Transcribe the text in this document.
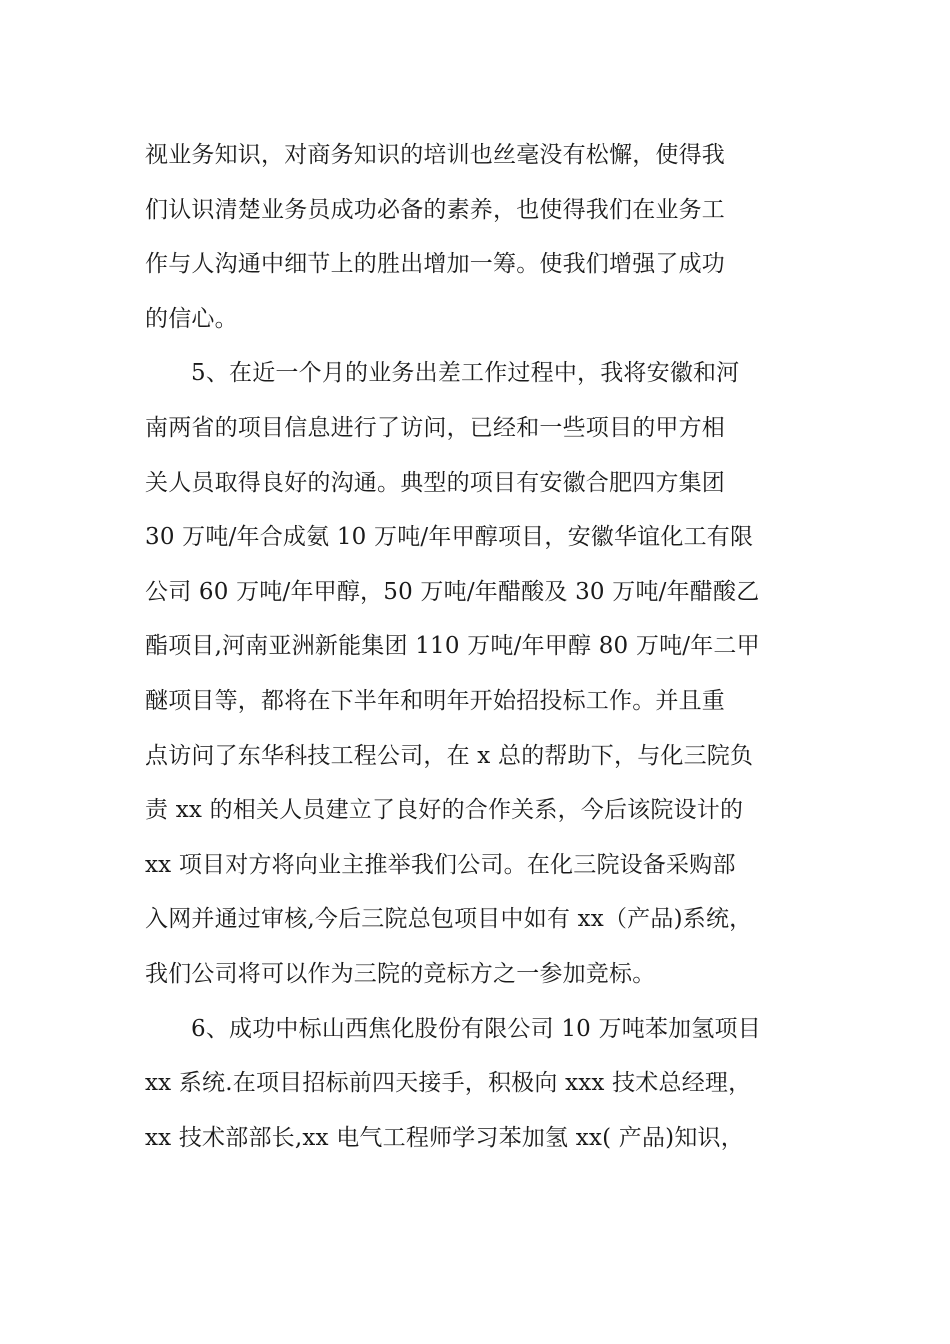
视业务知识，对商务知识的培训也丝毫没有松懈，使得我
们认识清楚业务员成功必备的素养，也使得我们在业务工
作与人沟通中细节上的胜出增加一筹。使我们增强了成功
的信心。
5、在近一个月的业务出差工作过程中，我将安徽和河
南两省的项目信息进行了访问，已经和一些项目的甲方相
关人员取得良好的沟通。典型的项目有安徽合肥四方集团
30 万吨/年合成氨 10 万吨/年甲醇项目，安徽华谊化工有限
公司 60 万吨/年甲醇，50 万吨/年醋酸及 30 万吨/年醋酸乙
酯项目,河南亚洲新能集团 110 万吨/年甲醇 80 万吨/年二甲
醚项目等，都将在下半年和明年开始招投标工作。并且重
点访问了东华科技工程公司，在 x 总的帮助下，与化三院负
责 xx 的相关人员建立了良好的合作关系，今后该院设计的
xx 项目对方将向业主推举我们公司。在化三院设备采购部
入网并通过审核,今后三院总包项目中如有 xx（产品)系统，
我们公司将可以作为三院的竞标方之一参加竞标。
6、成功中标山西焦化股份有限公司 10 万吨苯加氢项目
xx 系统.在项目招标前四天接手，积极向 xxx 技术总经理，
xx 技术部部长,xx 电气工程师学习苯加氢 xx( 产品)知识，
